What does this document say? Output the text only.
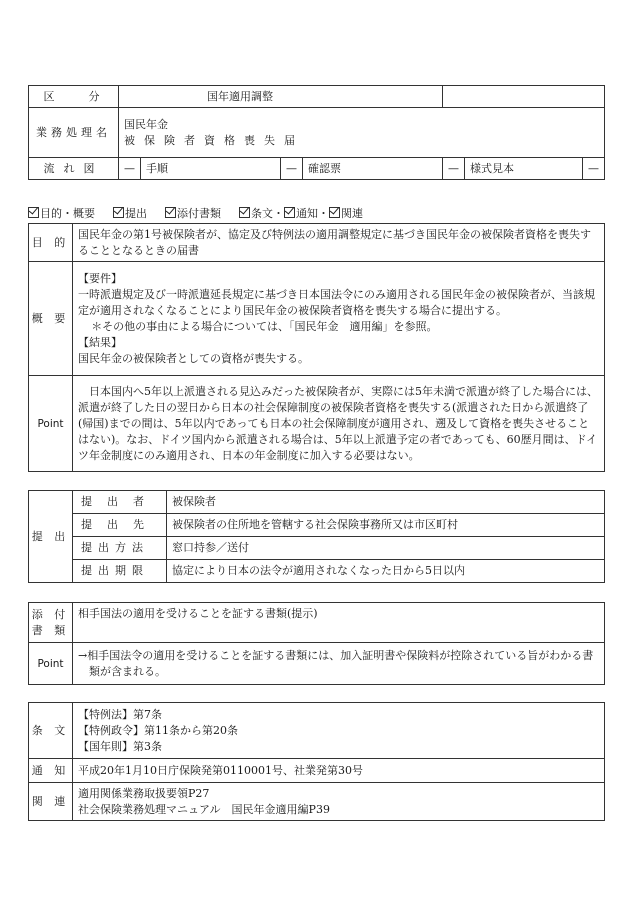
区　　分	国年適用調整						
業務処理名	国民年金

被保険者資格喪失届						

流れ図	—	手順	—	確認票	—	様式見本	—
目的・概要	提出	添付書類	条文・ 通知・ 関連
目 的	国民年金の第1号被保険者が、協定及び特例法の適用調整規定に基づき国民年金の被保険者資格を喪失することとなるときの届書
概 要	【要件】

一時派遣規定及び一時派遣延長規定に基づき日本国法令にのみ適用される国民年金の被保険者が、当該規定が適用されなくなることにより国民年金の被保険者資格を喪失する場合に提出する。

＊その他の事由による場合については、「国民年金　適用編」を参照。

【結果】

国民年金の被保険者としての資格が喪失する。

Point	日本国内へ5年以上派遣される見込みだった被保険者が、実際には5年未満で派遣が終了した場合には、派遣が終了した日の翌日から日本の社会保障制度の被保険者資格を喪失する(派遣された日から派遣終了(帰国)までの間は、5年以内であっても日本の社会保障制度が適用され、遡及して資格を喪失させることはない)。なお、ドイツ国内から派遣される場合は、5年以上派遣予定の者であっても、60歴月間は、ドイツ年金制度にのみ適用され、日本の年金制度に加入する必要はない。

提 出	提出者	被保険者
	提出先	被保険者の住所地を管轄する社会保険事務所又は市区町村
	提出方法	窓口持参／送付
	提出期限	協定により日本の法令が適用されなくなった日から5日以内

添 付

書 類	相手国法の適用を受けることを証する書類(提示)
Point	→相手国法令の適用を受けることを証する書類には、加入証明書や保険料が控除されている旨がわかる書類が含まれる。

条 文	【特例法】第7条

【特例政令】第11条から第20条

【国年則】第3条

通 知	平成20年1月10日庁保険発第0110001号、社業発第30号
関 連	適用関係業務取扱要領P27

社会保険業務処理マニュアル　国民年金適用編P39
